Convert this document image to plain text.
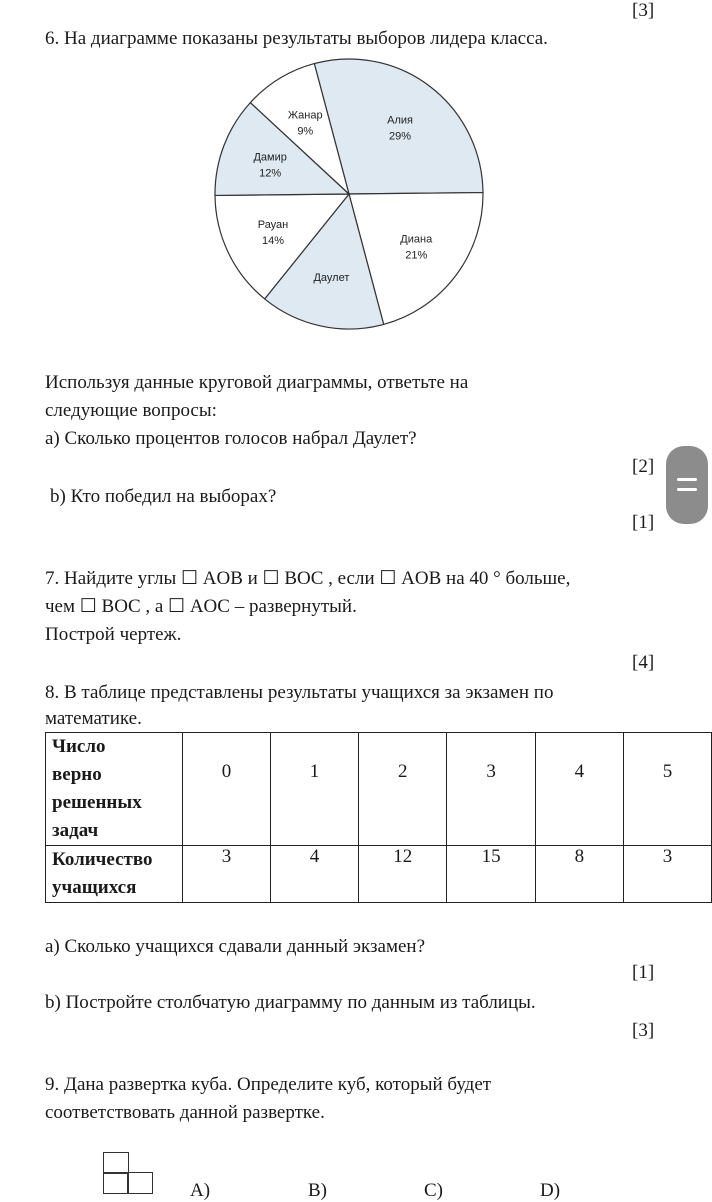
[3]
6. На диаграмме показаны результаты выборов лидера класса.
Алия
29%
Диана
21%
Даулет
Рауан
14%
Дамир
12%
Жанар
9%
Используя данные круговой диаграммы, ответьте на
следующие вопросы:
а) Сколько процентов голосов набрал Даулет?
[2]
b) Кто победил на выборах?
[1]
7. Найдите углы ☐ AOB и ☐ BOC , если ☐ AOB на 40 ° больше,
чем ☐ BOC , а ☐ AOC – развернутый.
Построй чертеж.
[4]
8. В таблице представлены результаты учащихся за экзамен по
математике.
Число
верно
решенных
задач	0	1	2	3	4	5

Количество
учащихся	3	4	12	15	8	3
а) Сколько учащихся сдавали данный экзамен?
[1]
b) Постройте столбчатую диаграмму по данным из таблицы.
[3]
9. Дана развертка куба. Определите куб, который будет
соответствовать данной развертке.
A)	B)	C)	D)
